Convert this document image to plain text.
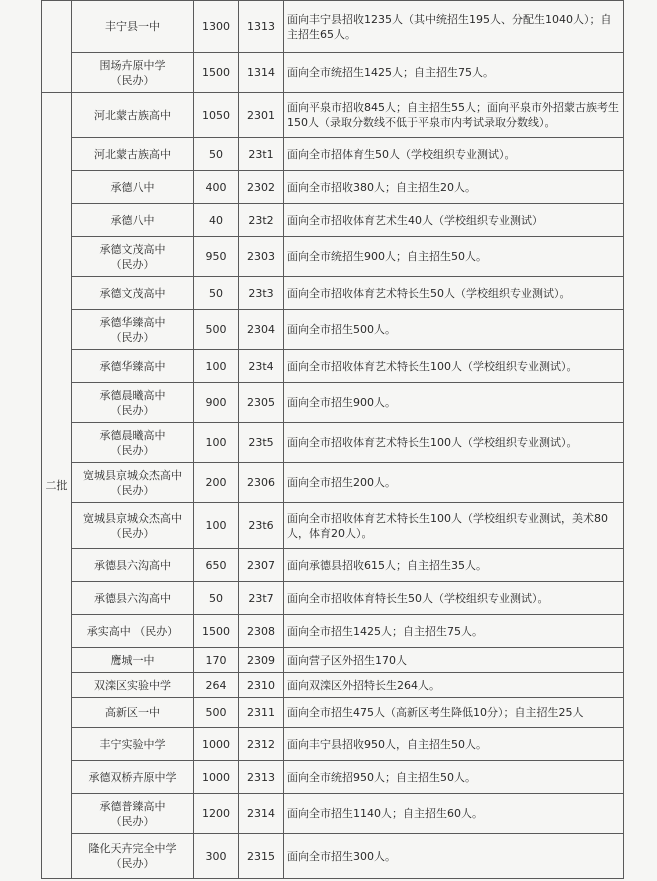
	丰宁县一中	1300	1313	面向丰宁县招收1235人（其中统招生195人、分配生1040人）；自主招生65人。

	围场卉原中学
（民办）	1500	1314	面向全市统招生1425人；自主招生75人。
二批	河北蒙古族高中	1050	2301	面向平泉市招收845人；自主招生55人；面向平泉市外招蒙古族考生150人（录取分数线不低于平泉市内考试录取分数线）。

	河北蒙古族高中	50	23t1	面向全市招体育生50人（学校组织专业测试）。

	承德八中	400	2302	面向全市招收380人；自主招生20人。

	承德八中	40	23t2	面向全市招收体育艺术生40人（学校组织专业测试）

	承德文茂高中
（民办）	950	2303	面向全市统招生900人；自主招生50人。

	承德文茂高中	50	23t3	面向全市招收体育艺术特长生50人（学校组织专业测试）。

	承德华臻高中
（民办）	500	2304	面向全市招生500人。

	承德华臻高中	100	23t4	面向全市招收体育艺术特长生100人（学校组织专业测试）。

	承德晨曦高中
（民办）	900	2305	面向全市招生900人。

	承德晨曦高中
（民办）	100	23t5	面向全市招收体育艺术特长生100人（学校组织专业测试）。

	宽城县京城众杰高中
（民办）	200	2306	面向全市招生200人。

	宽城县京城众杰高中
（民办）	100	23t6	面向全市招收体育艺术特长生100人（学校组织专业测试，美术80人，体育20人）。

	承德县六沟高中	650	2307	面向承德县招收615人；自主招生35人。

	承德县六沟高中	50	23t7	面向全市招收体育特长生50人（学校组织专业测试）。

	承实高中 （民办）	1500	2308	面向全市招生1425人；自主招生75人。

	鹰城一中	170	2309	面向营子区外招生170人

	双滦区实验中学	264	2310	面向双滦区外招特长生264人。

	高新区一中	500	2311	面向全市招生475人（高新区考生降低10分）；自主招生25人

	丰宁实验中学	1000	2312	面向丰宁县招收950人，自主招生50人。

	承德双桥卉原中学	1000	2313	面向全市统招950人；自主招生50人。

	承德普臻高中
（民办）	1200	2314	面向全市招生1140人；自主招生60人。

	隆化天卉完全中学
（民办）	300	2315	面向全市招生300人。
